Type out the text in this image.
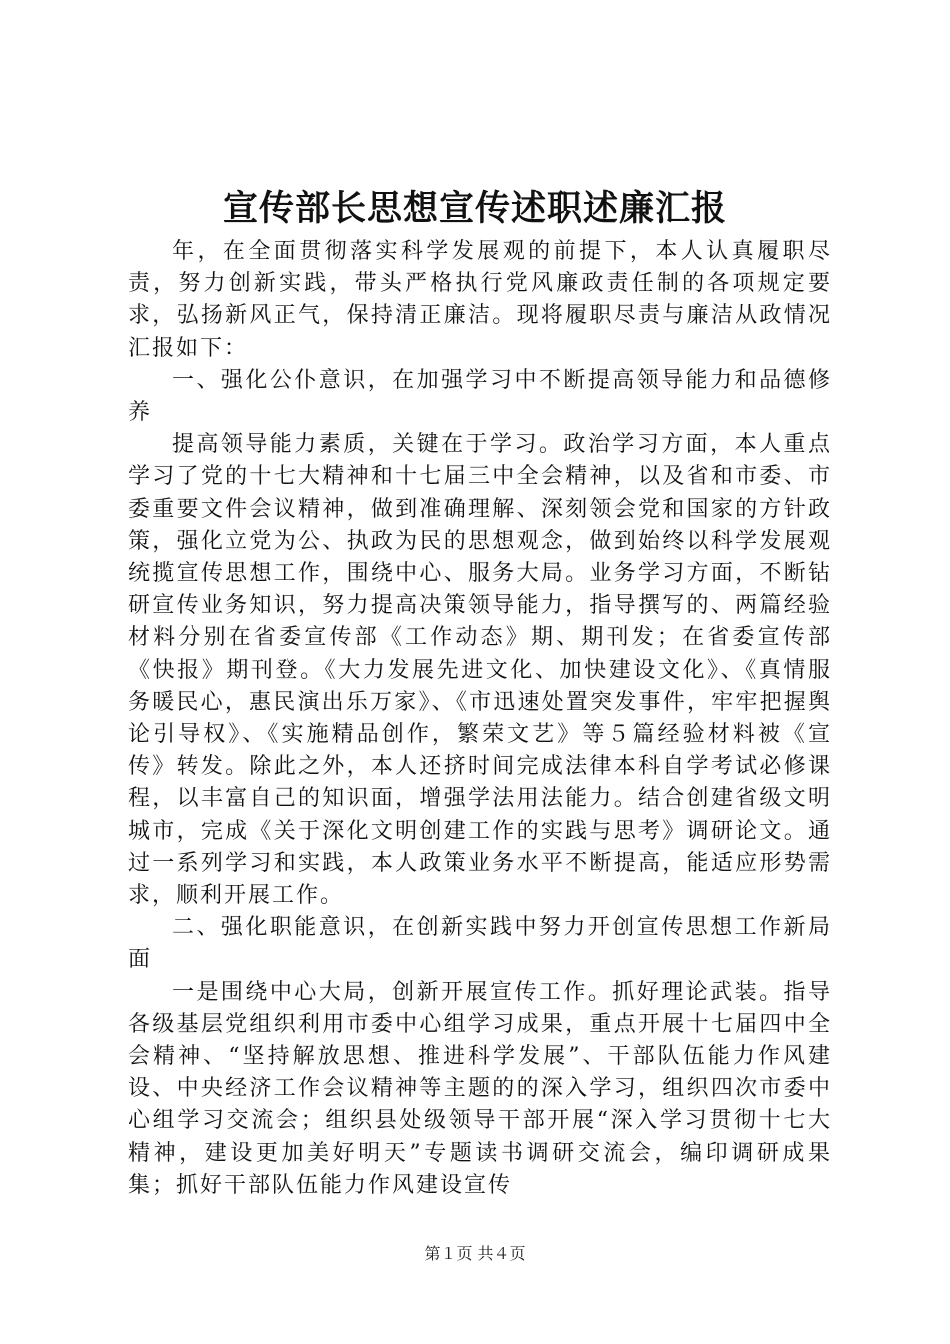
宣传部长思想宣传述职述廉汇报

年，在全面贯彻落实科学发展观的前提下，本人认真履职尽责，努力创新实践，带头严格执行党风廉政责任制的各项规定要求，弘扬新风正气，保持清正廉洁。现将履职尽责与廉洁从政情况汇报如下：

一、强化公仆意识，在加强学习中不断提高领导能力和品德修养

提高领导能力素质，关键在于学习。政治学习方面，本人重点学习了党的十七大精神和十七届三中全会精神，以及省和市委、市委重要文件会议精神，做到准确理解、深刻领会党和国家的方针政策，强化立党为公、执政为民的思想观念，做到始终以科学发展观统揽宣传思想工作，围绕中心、服务大局。业务学习方面，不断钻研宣传业务知识，努力提高决策领导能力，指导撰写的、两篇经验材料分别在省委宣传部《工作动态》期、期刊发；在省委宣传部《快报》期刊登。《大力发展先进文化、加快建设文化》、《真情服务暖民心，惠民演出乐万家》、《市迅速处置突发事件，牢牢把握舆论引导权》、《实施精品创作，繁荣文艺》等５篇经验材料被《宣传》转发。除此之外，本人还挤时间完成法律本科自学考试必修课程，以丰富自己的知识面，增强学法用法能力。结合创建省级文明城市，完成《关于深化文明创建工作的实践与思考》调研论文。通过一系列学习和实践，本人政策业务水平不断提高，能适应形势需求，顺利开展工作。

二、强化职能意识，在创新实践中努力开创宣传思想工作新局面

一是围绕中心大局，创新开展宣传工作。抓好理论武装。指导各级基层党组织利用市委中心组学习成果，重点开展十七届四中全会精神、“坚持解放思想、推进科学发展”、干部队伍能力作风建设、中央经济工作会议精神等主题的的深入学习，组织四次市委中心组学习交流会；组织县处级领导干部开展“深入学习贯彻十七大精神，建设更加美好明天”专题读书调研交流会，编印调研成果集；抓好干部队伍能力作风建设宣传

第１页 共４页
